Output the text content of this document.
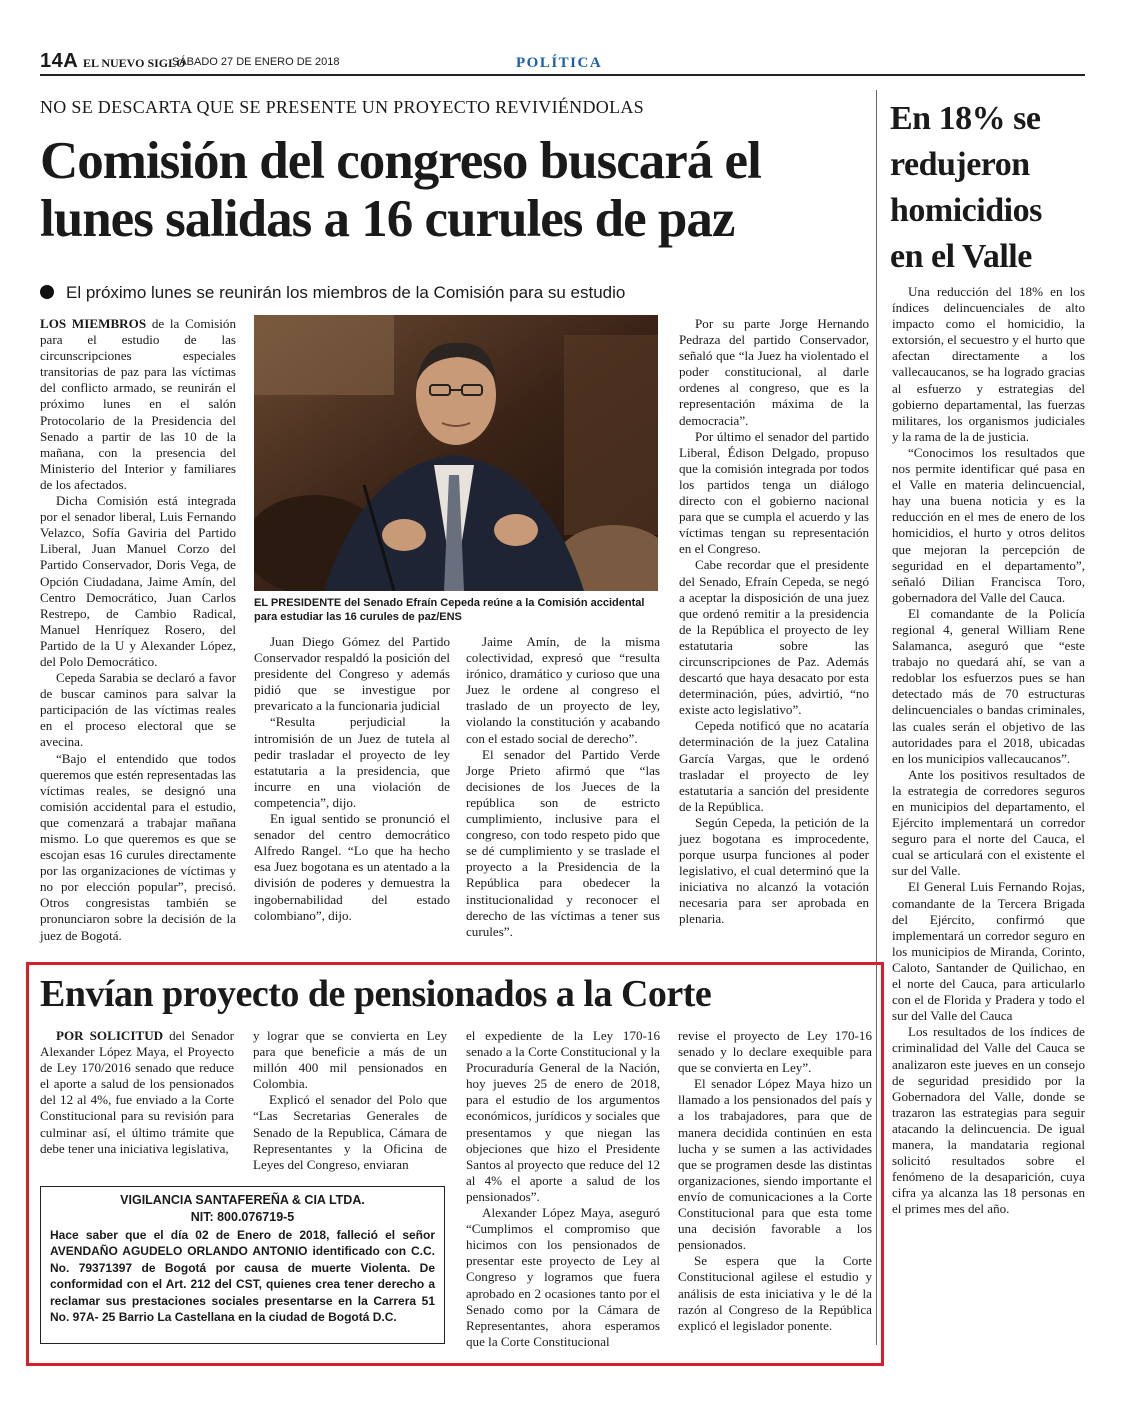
14A EL NUEVO SIGLO
SÁBADO 27 DE ENERO DE 2018	POLÍTICA
NO SE DESCARTA QUE SE PRESENTE UN PROYECTO REVIVIÉNDOLAS
Comisión del congreso buscará el lunes salidas a 16 curules de paz
El próximo lunes se reunirán los miembros de la Comisión para su estudio

LOS MIEMBROS de la Comisión para el estudio de las circunscripciones especiales transitorias de paz para las víctimas del conflicto armado, se reunirán el próximo lunes en el salón Protocolario de la Presidencia del Senado a partir de las 10 de la mañana, con la presencia del Ministerio del Interior y familiares de los afectados.

Dicha Comisión está integrada por el senador liberal, Luis Fernando Velazco, Sofía Gaviria del Partido Liberal, Juan Manuel Corzo del Partido Conservador, Doris Vega, de Opción Ciudadana, Jaime Amín, del Centro Democrático, Juan Carlos Restrepo, de Cambio Radical, Manuel Henríquez Rosero, del Partido de la U y Alexander López, del Polo Democrático.

Cepeda Sarabia se declaró a favor de buscar caminos para salvar la participación de las víctimas reales en el proceso electoral que se avecina.

“Bajo el entendido que todos queremos que estén representadas las víctimas reales, se designó una comisión accidental para el estudio, que comenzará a trabajar mañana mismo. Lo que queremos es que se escojan esas 16 curules directamente por las organizaciones de víctimas y no por elección popular”, precisó. Otros congresistas también se pronunciaron sobre la decisión de la juez de Bogotá.

EL PRESIDENTE del Senado Efraín Cepeda reúne a la Comisión accidental para estudiar las 16 curules de paz/ENS

Juan Diego Gómez del Partido Conservador respaldó la posición del presidente del Congreso y además pidió que se investigue por prevaricato a la funcionaria judicial

“Resulta perjudicial la intromisión de un Juez de tutela al pedir trasladar el proyecto de ley estatutaria a la presidencia, que incurre en una violación de competencia”, dijo.

En igual sentido se pronunció el senador del centro democrático Alfredo Rangel. “Lo que ha hecho esa Juez bogotana es un atentado a la división de poderes y demuestra la ingobernabilidad del estado colombiano”, dijo.

Jaime Amín, de la misma colectividad, expresó que “resulta irónico, dramático y curioso que una Juez le ordene al congreso el traslado de un proyecto de ley, violando la constitución y acabando con el estado social de derecho”.

El senador del Partido Verde Jorge Prieto afirmó que “las decisiones de los Jueces de la república son de estricto cumplimiento, inclusive para el congreso, con todo respeto pido que se dé cumplimiento y se traslade el proyecto a la Presidencia de la República para obedecer la institucionalidad y reconocer el derecho de las víctimas a tener sus curules”.

Por su parte Jorge Hernando Pedraza del partido Conservador, señaló que “la Juez ha violentado el poder constitucional, al darle ordenes al congreso, que es la representación máxima de la democracia”.

Por último el senador del partido Liberal, Édison Delgado, propuso que la comisión integrada por todos los partidos tenga un diálogo directo con el gobierno nacional para que se cumpla el acuerdo y las víctimas tengan su representación en el Congreso.

Cabe recordar que el presidente del Senado, Efraín Cepeda, se negó a aceptar la disposición de una juez que ordenó remitir a la presidencia de la República el proyecto de ley estatutaria sobre las circunscripciones de Paz. Además descartó que haya desacato por esta determinación, púes, advirtió, “no existe acto legislativo”.

Cepeda notificó que no acataría determinación de la juez Catalina García Vargas, que le ordenó trasladar el proyecto de ley estatutaria a sanción del presidente de la República.

Según Cepeda, la petición de la juez bogotana es improcedente, porque usurpa funciones al poder legislativo, el cual determinó que la iniciativa no alcanzó la votación necesaria para ser aprobada en plenaria.

En 18% se redujeron homicidios en el Valle

Una reducción del 18% en los índices delincuenciales de alto impacto como el homicidio, la extorsión, el secuestro y el hurto que afectan directamente a los vallecaucanos, se ha logrado gracias al esfuerzo y estrategias del gobierno departamental, las fuerzas militares, los organismos judiciales y la rama de la de justicia.

“Conocimos los resultados que nos permite identificar qué pasa en el Valle en materia delincuencial, hay una buena noticia y es la reducción en el mes de enero de los homicidios, el hurto y otros delitos que mejoran la percepción de seguridad en el departamento”, señaló Dilian Francisca Toro, gobernadora del Valle del Cauca.

El comandante de la Policía regional 4, general William Rene Salamanca, aseguró que “este trabajo no quedará ahí, se van a redoblar los esfuerzos pues se han detectado más de 70 estructuras delincuenciales o bandas criminales, las cuales serán el objetivo de las autoridades para el 2018, ubicadas en los municipios vallecaucanos”.

Ante los positivos resultados de la estrategia de corredores seguros en municipios del departamento, el Ejército implementará un corredor seguro para el norte del Cauca, el cual se articulará con el existente el sur del Valle.

El General Luis Fernando Rojas, comandante de la Tercera Brigada del Ejército, confirmó que implementará un corredor seguro en los municipios de Miranda, Corinto, Caloto, Santander de Quilichao, en el norte del Cauca, para articularlo con el de Florida y Pradera y todo el sur del Valle del Cauca

Los resultados de los índices de criminalidad del Valle del Cauca se analizaron este jueves en un consejo de seguridad presidido por la Gobernadora del Valle, donde se trazaron las estrategias para seguir atacando la delincuencia. De igual manera, la mandataria regional solicitó resultados sobre el fenómeno de la desaparición, cuya cifra ya alcanza las 18 personas en el primes mes del año.

Envían proyecto de pensionados a la Corte

POR SOLICITUD del Senador Alexander López Maya, el Proyecto de Ley 170/2016 senado que reduce el aporte a salud de los pensionados del 12 al 4%, fue enviado a la Corte Constitucional para su revisión para culminar así, el último trámite que debe tener una iniciativa legislativa,

y lograr que se convierta en Ley para que beneficie a más de un millón 400 mil pensionados en Colombia.

Explicó el senador del Polo que “Las Secretarias Generales de Senado de la Republica, Cámara de Representantes y la Oficina de Leyes del Congreso, enviaran

el expediente de la Ley 170-16 senado a la Corte Constitucional y la Procuraduría General de la Nación, hoy jueves 25 de enero de 2018, para el estudio de los argumentos económicos, jurídicos y sociales que presentamos y que niegan las objeciones que hizo el Presidente Santos al proyecto que reduce del 12 al 4% el aporte a salud de los pensionados”.

Alexander López Maya, aseguró “Cumplimos el compromiso que hicimos con los pensionados de presentar este proyecto de Ley al Congreso y logramos que fuera aprobado en 2 ocasiones tanto por el Senado como por la Cámara de Representantes, ahora esperamos que la Corte Constitucional

revise el proyecto de Ley 170-16 senado y lo declare exequible para que se convierta en Ley”.

El senador López Maya hizo un llamado a los pensionados del país y a los trabajadores, para que de manera decidida continúen en esta lucha y se sumen a las actividades que se programen desde las distintas organizaciones, siendo importante el envío de comunicaciones a la Corte Constitucional para que esta tome una decisión favorable a los pensionados.

Se espera que la Corte Constitucional agilese el estudio y análisis de esta iniciativa y le dé la razón al Congreso de la República explicó el legislador ponente.

VIGILANCIA SANTAFEREÑA & CIA LTDA.
NIT: 800.076719-5
Hace saber que el día 02 de Enero de 2018, falleció el señor AVENDAÑO AGUDELO ORLANDO ANTONIO identificado con C.C. No. 79371397 de Bogotá por causa de muerte Violenta. De conformidad con el Art. 212 del CST, quienes crea tener derecho a reclamar sus prestaciones sociales presentarse en la Carrera 51 No. 97A- 25 Barrio La Castellana en la ciudad de Bogotá D.C.
